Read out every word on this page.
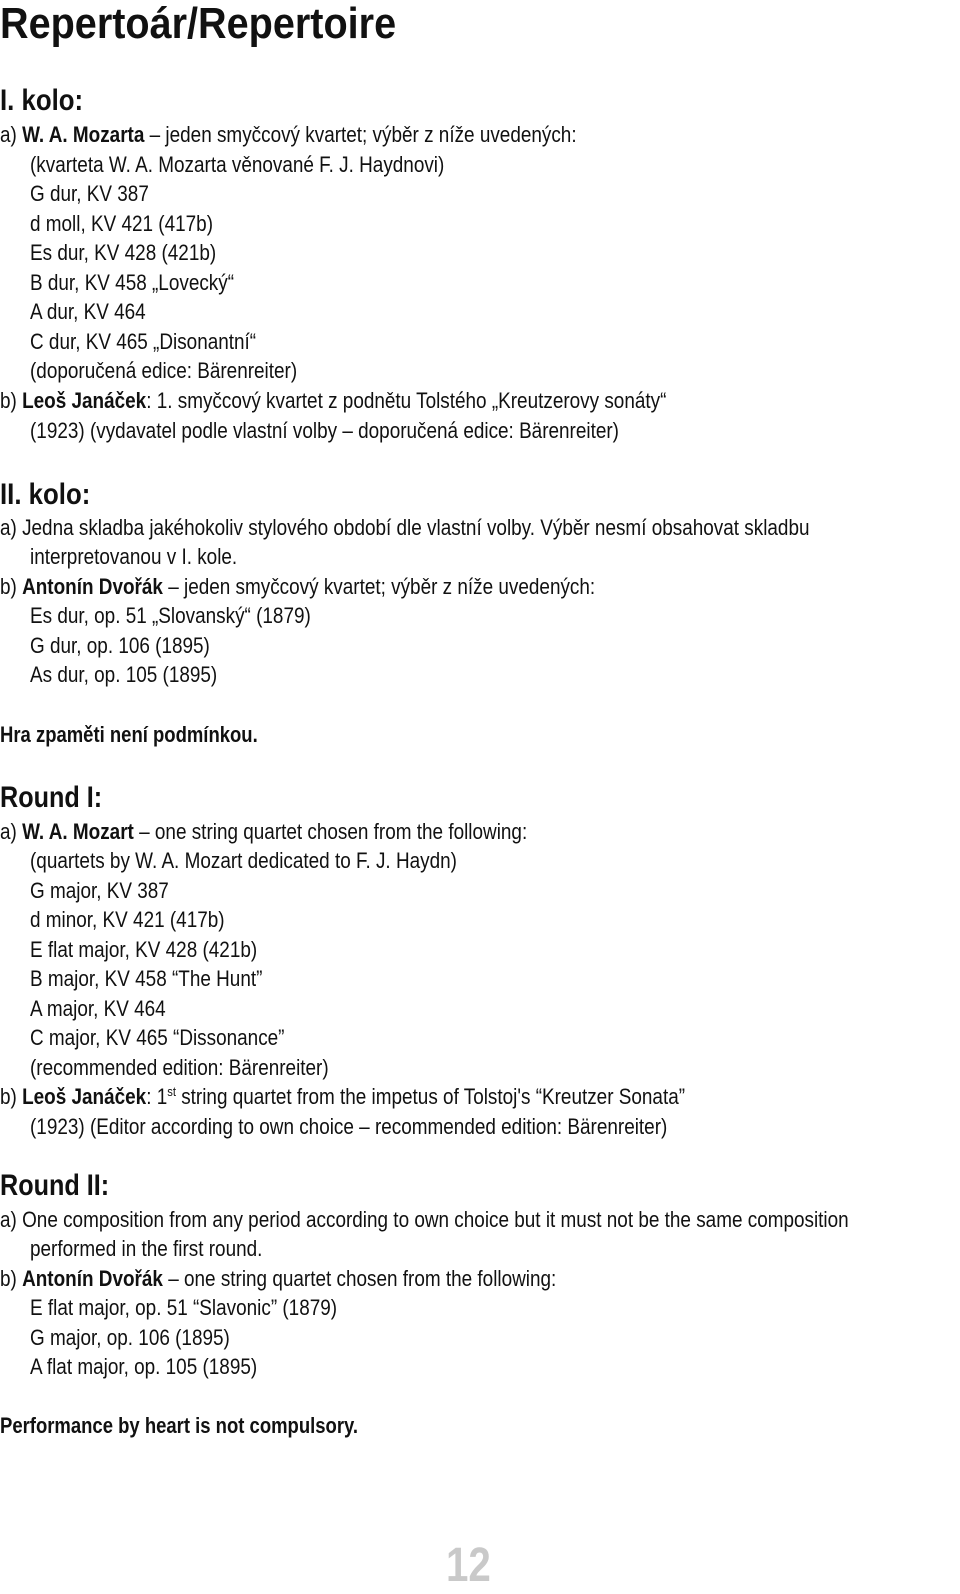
Repertoár/Repertoire
I. kolo:
a) W. A. Mozarta – jeden smyčcový kvartet; výběr z níže uvedených:
(kvarteta W. A. Mozarta věnované F. J. Haydnovi)
G dur, KV 387
d moll, KV 421 (417b)
Es dur, KV 428 (421b)
B dur, KV 458 „Lovecký“
A dur, KV 464
C dur, KV 465 „Disonantní“
(doporučená edice: Bärenreiter)
b) Leoš Janáček: 1. smyčcový kvartet z podnětu Tolstého „Kreutzerovy sonáty“
(1923) (vydavatel podle vlastní volby – doporučená edice: Bärenreiter)
II. kolo:
a) Jedna skladba jakéhokoliv stylového období dle vlastní volby. Výběr nesmí obsahovat skladbu
interpretovanou v I. kole.
b) Antonín Dvořák – jeden smyčcový kvartet; výběr z níže uvedených:
Es dur, op. 51 „Slovanský“ (1879)
G dur, op. 106 (1895)
As dur, op. 105 (1895)
Hra zpaměti není podmínkou.
Round I:
a) W. A. Mozart – one string quartet chosen from the following:
(quartets by W. A. Mozart dedicated to F. J. Haydn)
G major, KV 387
d minor, KV 421 (417b)
E flat major, KV 428 (421b)
B major, KV 458 “The Hunt”
A major, KV 464
C major, KV 465 “Dissonance”
(recommended edition: Bärenreiter)
b) Leoš Janáček: 1st string quartet from the impetus of Tolstoj's “Kreutzer Sonata”
(1923) (Editor according to own choice – recommended edition: Bärenreiter)
Round II:
a) One composition from any period according to own choice but it must not be the same composition
performed in the first round.
b) Antonín Dvořák – one string quartet chosen from the following:
E flat major, op. 51 “Slavonic” (1879)
G major, op. 106 (1895)
A flat major, op. 105 (1895)
Performance by heart is not compulsory.
12
